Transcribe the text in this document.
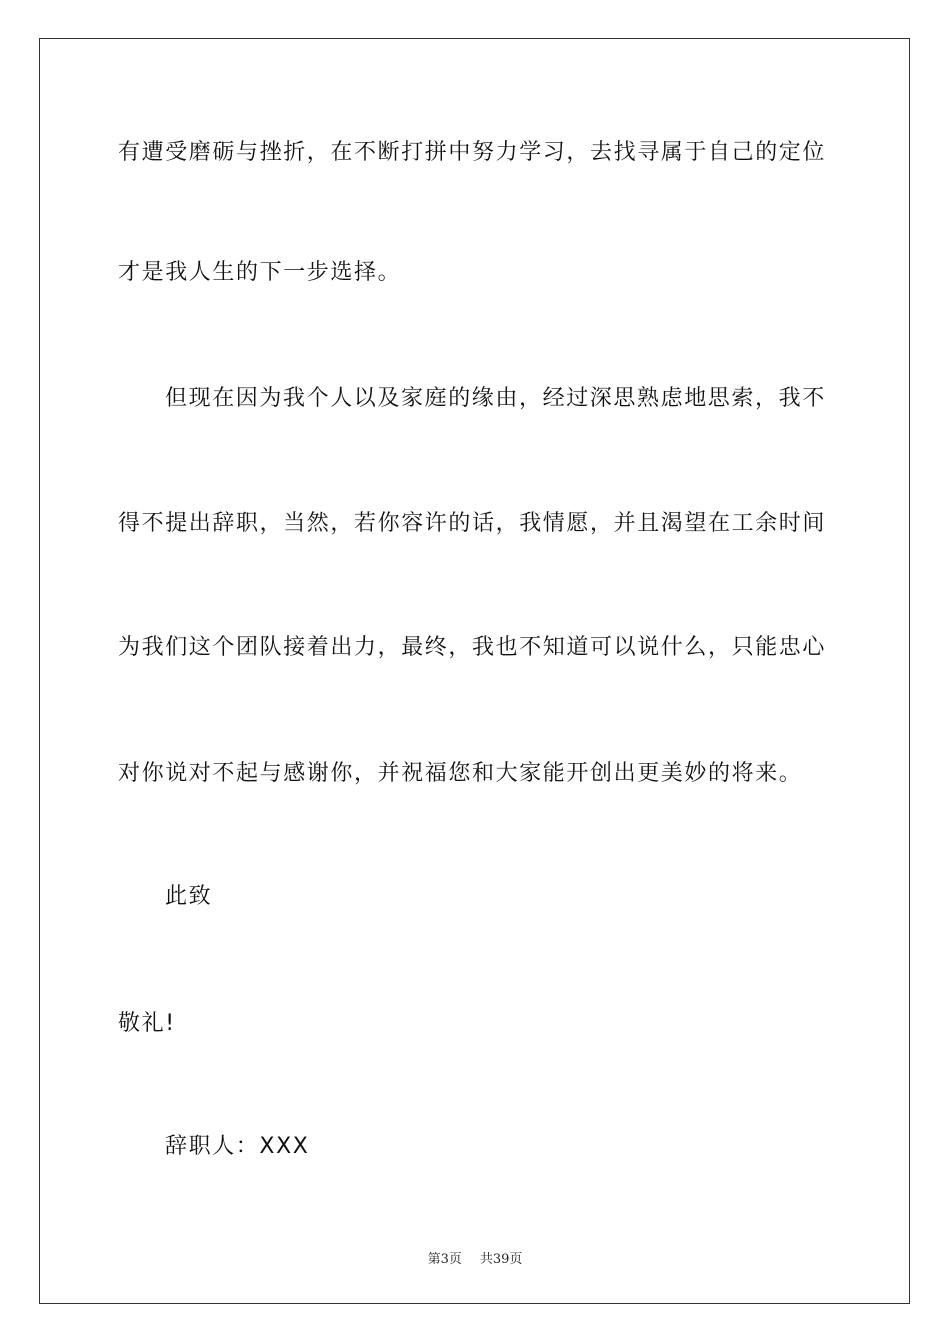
有遭受磨砺与挫折，在不断打拼中努力学习，去找寻属于自己的定位
才是我人生的下一步选择。
但现在因为我个人以及家庭的缘由，经过深思熟虑地思索，我不
得不提出辞职，当然，若你容许的话，我情愿，并且渴望在工余时间
为我们这个团队接着出力，最终，我也不知道可以说什么，只能忠心
对你说对不起与感谢你，并祝福您和大家能开创出更美妙的将来。
此致
敬礼!
辞职人：XXX
第3页 共39页
